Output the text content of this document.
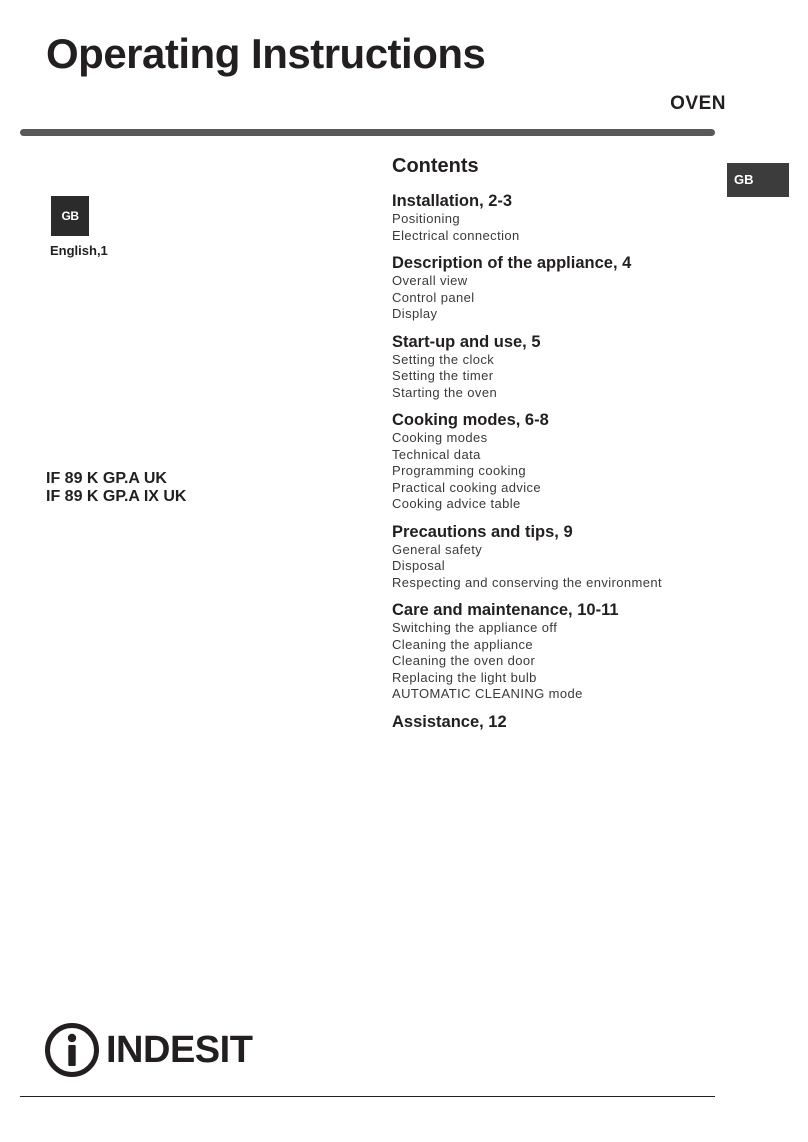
Operating Instructions
OVEN
GB
GB
English,1
IF 89 K GP.A UK
IF 89 K GP.A IX UK
Contents
Installation, 2-3
Positioning
Electrical connection
Description of the appliance, 4
Overall view
Control panel
Display
Start-up and use, 5
Setting the clock
Setting the timer
Starting the oven
Cooking modes, 6-8
Cooking modes
Technical data
Programming cooking
Practical cooking advice
Cooking advice table
Precautions and tips, 9
General safety
Disposal
Respecting and conserving the environment
Care and maintenance, 10-11
Switching the appliance off
Cleaning the appliance
Cleaning the oven door
Replacing the light bulb
AUTOMATIC CLEANING mode
Assistance, 12
INDESIT
